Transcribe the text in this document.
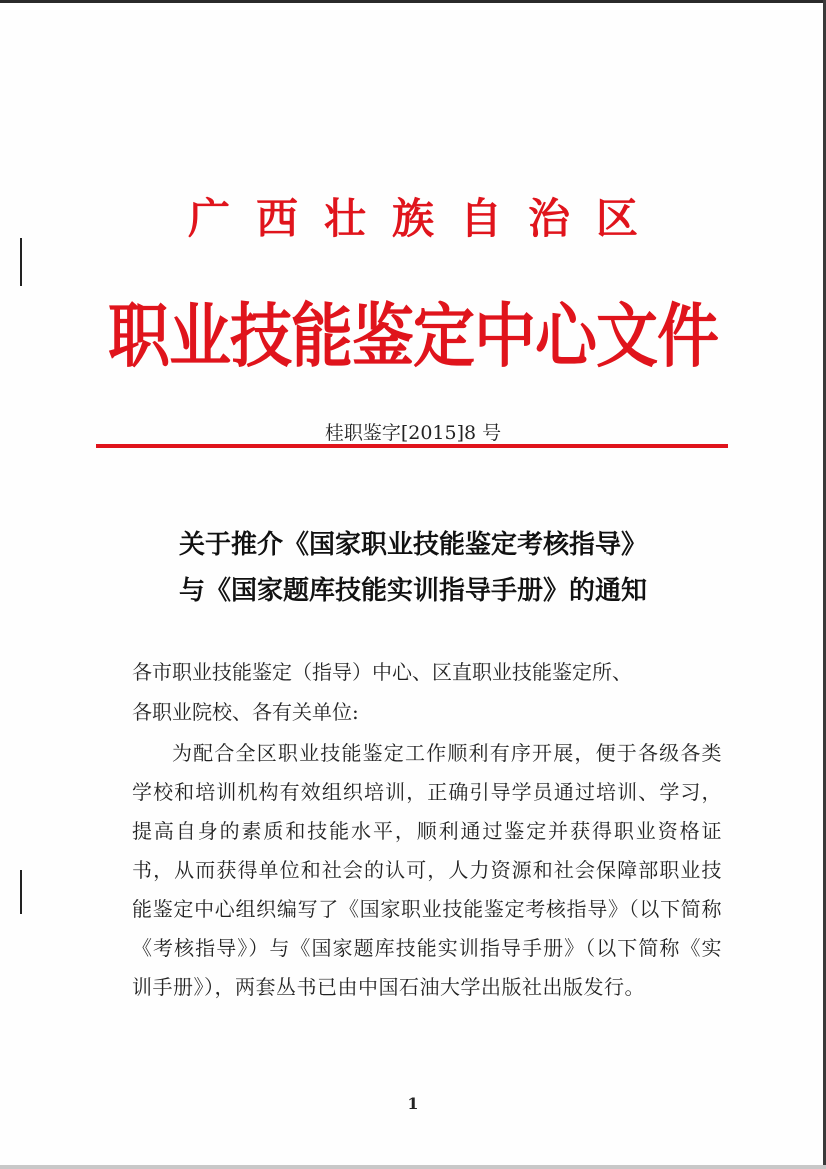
广西壮族自治区
职业技能鉴定中心文件
桂职鉴字[2015]8 号
关于推介《国家职业技能鉴定考核指导》
与《国家题库技能实训指导手册》的通知
各市职业技能鉴定（指导）中心、区直职业技能鉴定所、
各职业院校、各有关单位:
为配合全区职业技能鉴定工作顺利有序开展，便于各级各类学校和培训机构有效组织培训，正确引导学员通过培训、学习，提高自身的素质和技能水平，顺利通过鉴定并获得职业资格证书，从而获得单位和社会的认可，人力资源和社会保障部职业技能鉴定中心组织编写了《国家职业技能鉴定考核指导》（以下简称《考核指导》）与《国家题库技能实训指导手册》（以下简称《实训手册》），两套丛书已由中国石油大学出版社出版发行。
1
